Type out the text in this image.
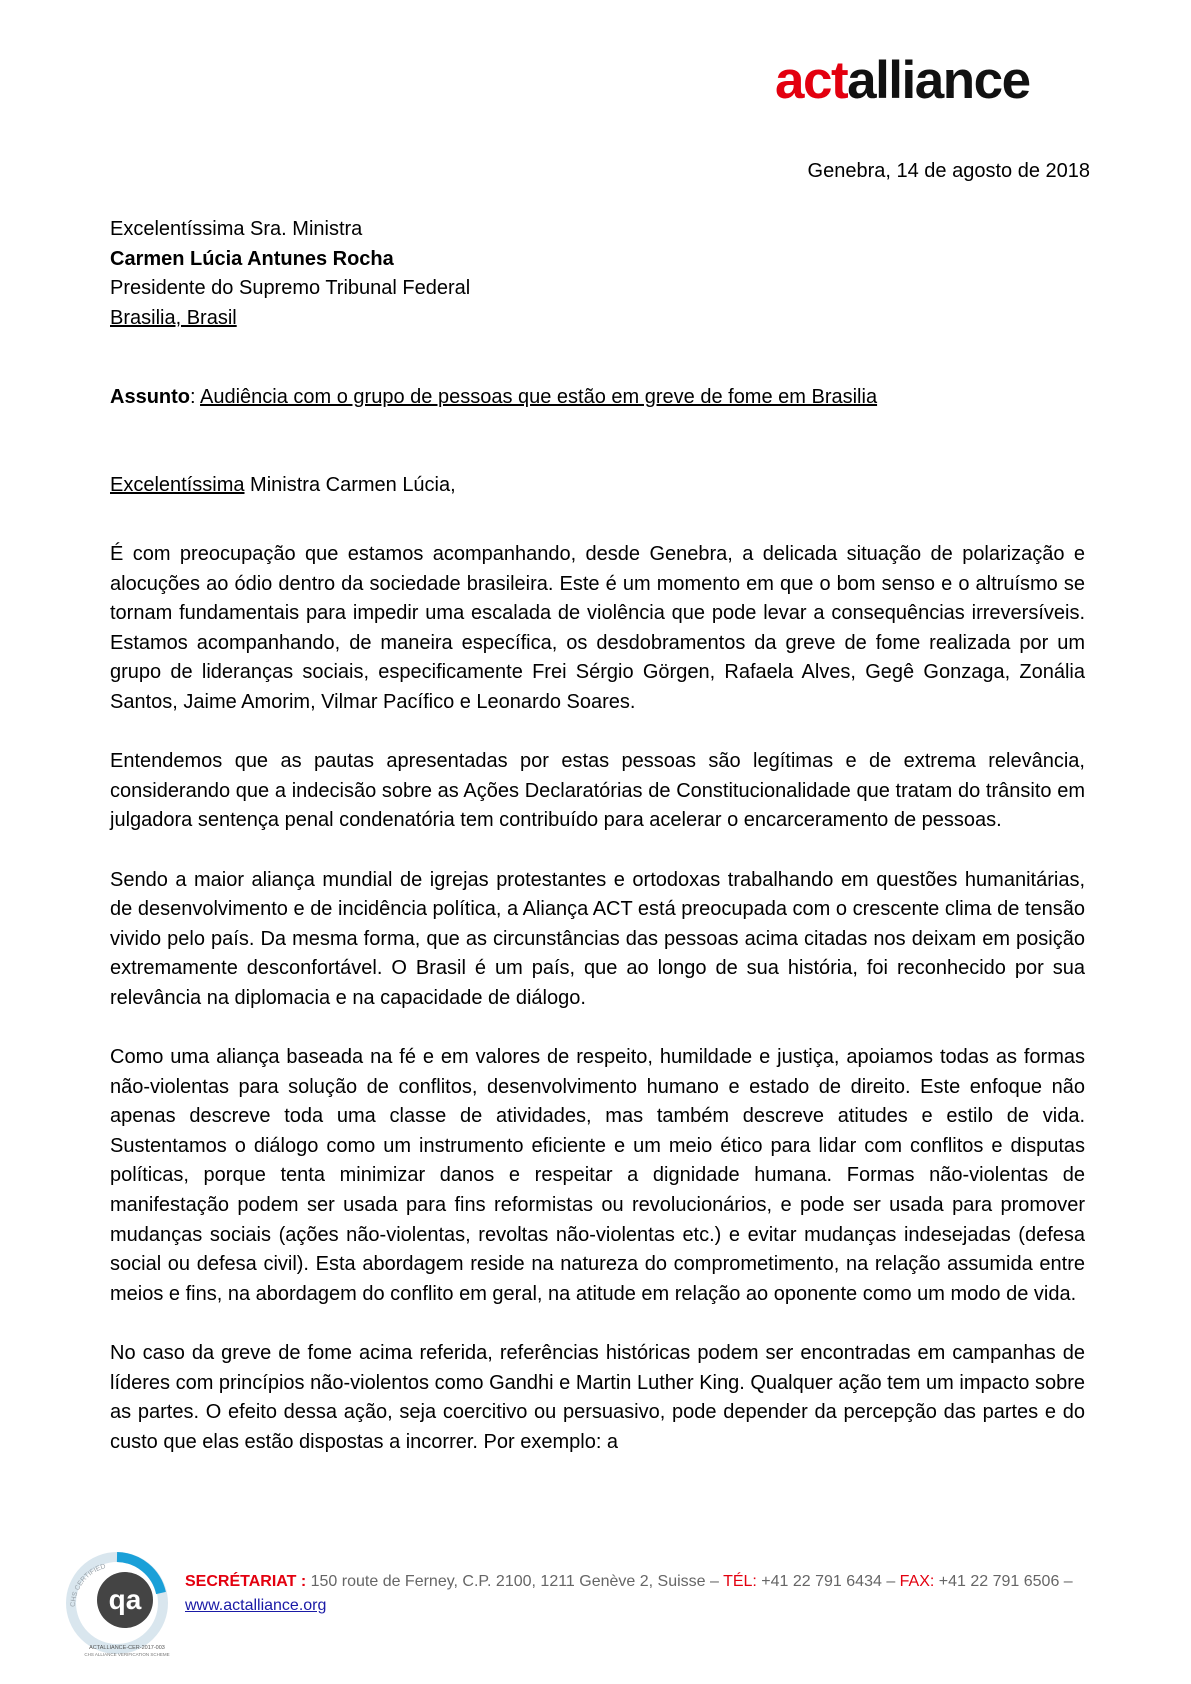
actalliance
Genebra, 14 de agosto de 2018
Excelentíssima Sra. Ministra
Carmen Lúcia Antunes Rocha
Presidente do Supremo Tribunal Federal
Brasilia, Brasil
Assunto: Audiência com o grupo de pessoas que estão em greve de fome em Brasilia
Excelentíssima Ministra Carmen Lúcia,

É com preocupação que estamos acompanhando, desde Genebra, a delicada situação de polarização e alocuções ao ódio dentro da sociedade brasileira. Este é um momento em que o bom senso e o altruísmo se tornam fundamentais para impedir uma escalada de violência que pode levar a consequências irreversíveis. Estamos acompanhando, de maneira específica, os desdobramentos da greve de fome realizada por um grupo de lideranças sociais, especificamente Frei Sérgio Görgen, Rafaela Alves, Gegê Gonzaga, Zonália Santos, Jaime Amorim, Vilmar Pacífico e Leonardo Soares.

Entendemos que as pautas apresentadas por estas pessoas são legítimas e de extrema relevância, considerando que a indecisão sobre as Ações Declaratórias de Constitucionalidade que tratam do trânsito em julgadora sentença penal condenatória tem contribuído para acelerar o encarceramento de pessoas.

Sendo a maior aliança mundial de igrejas protestantes e ortodoxas trabalhando em questões humanitárias, de desenvolvimento e de incidência política, a Aliança ACT está preocupada com o crescente clima de tensão vivido pelo país. Da mesma forma, que as circunstâncias das pessoas acima citadas nos deixam em posição extremamente desconfortável. O Brasil é um país, que ao longo de sua história, foi reconhecido por sua relevância na diplomacia e na capacidade de diálogo.

Como uma aliança baseada na fé e em valores de respeito, humildade e justiça, apoiamos todas as formas não-violentas para solução de conflitos, desenvolvimento humano e estado de direito. Este enfoque não apenas descreve toda uma classe de atividades, mas também descreve atitudes e estilo de vida. Sustentamos o diálogo como um instrumento eficiente e um meio ético para lidar com conflitos e disputas políticas, porque tenta minimizar danos e respeitar a dignidade humana. Formas não-violentas de manifestação podem ser usada para fins reformistas ou revolucionários, e pode ser usada para promover mudanças sociais (ações não-violentas, revoltas não-violentas etc.) e evitar mudanças indesejadas (defesa social ou defesa civil). Esta abordagem reside na natureza do comprometimento, na relação assumida entre meios e fins, na abordagem do conflito em geral, na atitude em relação ao oponente como um modo de vida.

No caso da greve de fome acima referida, referências históricas podem ser encontradas em campanhas de líderes com princípios não-violentos como Gandhi e Martin Luther King. Qualquer ação tem um impacto sobre as partes. O efeito dessa ação, seja coercitivo ou persuasivo, pode depender da percepção das partes e do custo que elas estão dispostas a incorrer. Por exemplo: a

qa
CHS CERTIFIED
ACTALLIANCE-CER-2017-003
CHS ALLIANCE VERIFICATION SCHEME
SECRÉTARIAT : 150 route de Ferney, C.P. 2100, 1211 Genève 2, Suisse – TÉL: +41 22 791 6434 – FAX: +41 22 791 6506 –
www.actalliance.org
